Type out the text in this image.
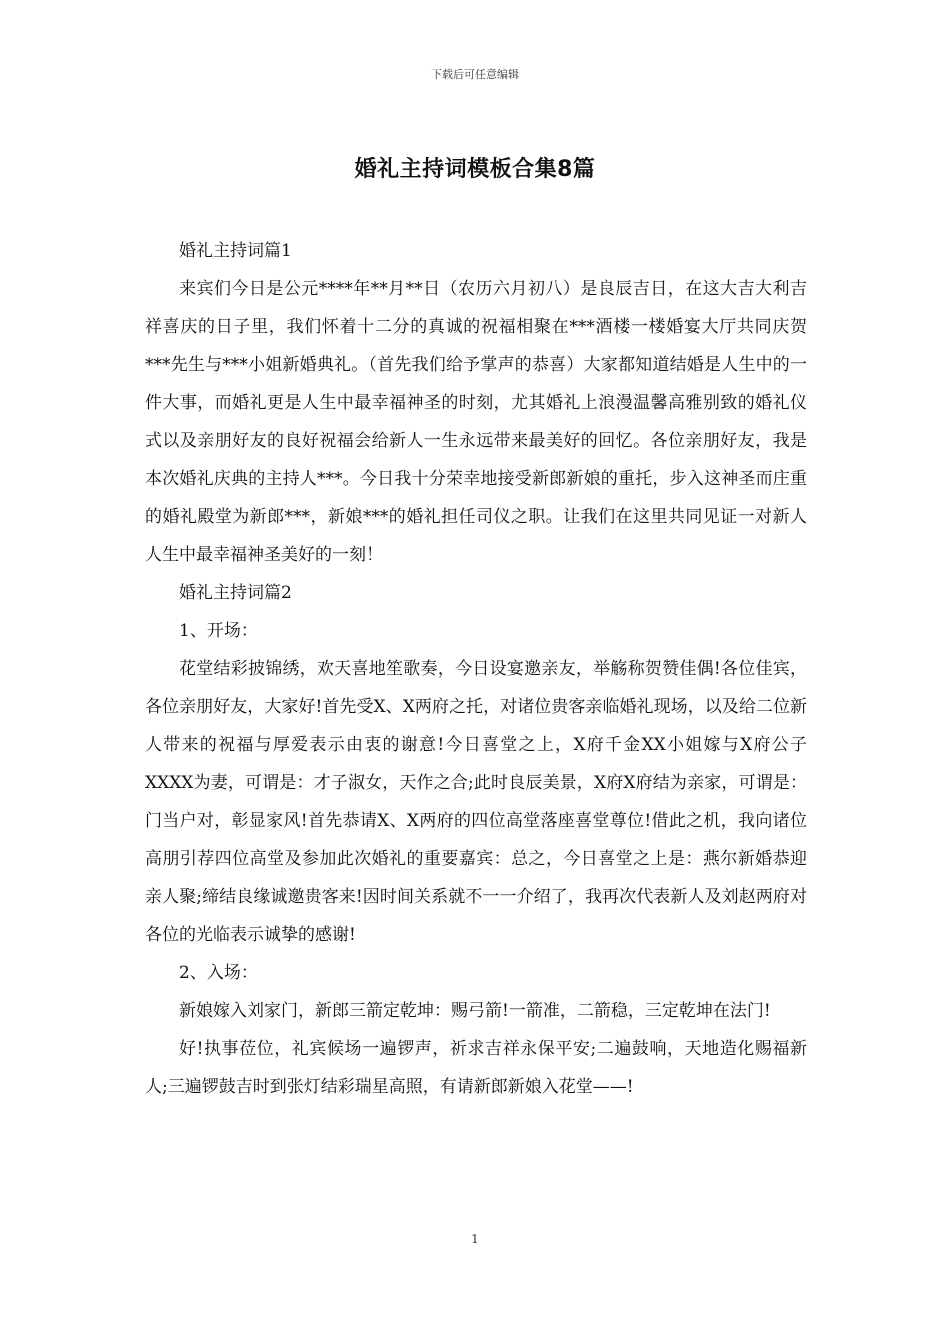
下载后可任意编辑
婚礼主持词模板合集8篇

婚礼主持词篇1

来宾们今日是公元****年**月**日（农历六月初八）是良辰吉日，在这大吉大利吉祥喜庆的日子里，我们怀着十二分的真诚的祝福相聚在***酒楼一楼婚宴大厅共同庆贺***先生与***小姐新婚典礼。（首先我们给予掌声的恭喜）大家都知道结婚是人生中的一件大事，而婚礼更是人生中最幸福神圣的时刻，尤其婚礼上浪漫温馨高雅别致的婚礼仪式以及亲朋好友的良好祝福会给新人一生永远带来最美好的回忆。各位亲朋好友，我是本次婚礼庆典的主持人***。今日我十分荣幸地接受新郎新娘的重托，步入这神圣而庄重的婚礼殿堂为新郎***，新娘***的婚礼担任司仪之职。让我们在这里共同见证一对新人人生中最幸福神圣美好的一刻！

婚礼主持词篇2

1、开场：

花堂结彩披锦绣，欢天喜地笙歌奏，今日设宴邀亲友，举觞称贺赞佳偶!各位佳宾，各位亲朋好友，大家好!首先受X、X两府之托，对诸位贵客亲临婚礼现场，以及给二位新人带来的祝福与厚爱表示由衷的谢意!今日喜堂之上，X府千金XX小姐嫁与X府公子XXXX为妻，可谓是：才子淑女，天作之合;此时良辰美景，X府X府结为亲家，可谓是：门当户对，彰显家风!首先恭请X、X两府的四位高堂落座喜堂尊位!借此之机，我向诸位高朋引荐四位高堂及参加此次婚礼的重要嘉宾：总之，今日喜堂之上是：燕尔新婚恭迎亲人聚;缔结良缘诚邀贵客来!因时间关系就不一一介绍了，我再次代表新人及刘赵两府对各位的光临表示诚挚的感谢!

2、入场：

新娘嫁入刘家门，新郎三箭定乾坤：赐弓箭!一箭准，二箭稳，三定乾坤在法门!

好!执事莅位，礼宾候场一遍锣声，祈求吉祥永保平安;二遍鼓响，天地造化赐福新人;三遍锣鼓吉时到张灯结彩瑞星高照，有请新郎新娘入花堂——!

1
